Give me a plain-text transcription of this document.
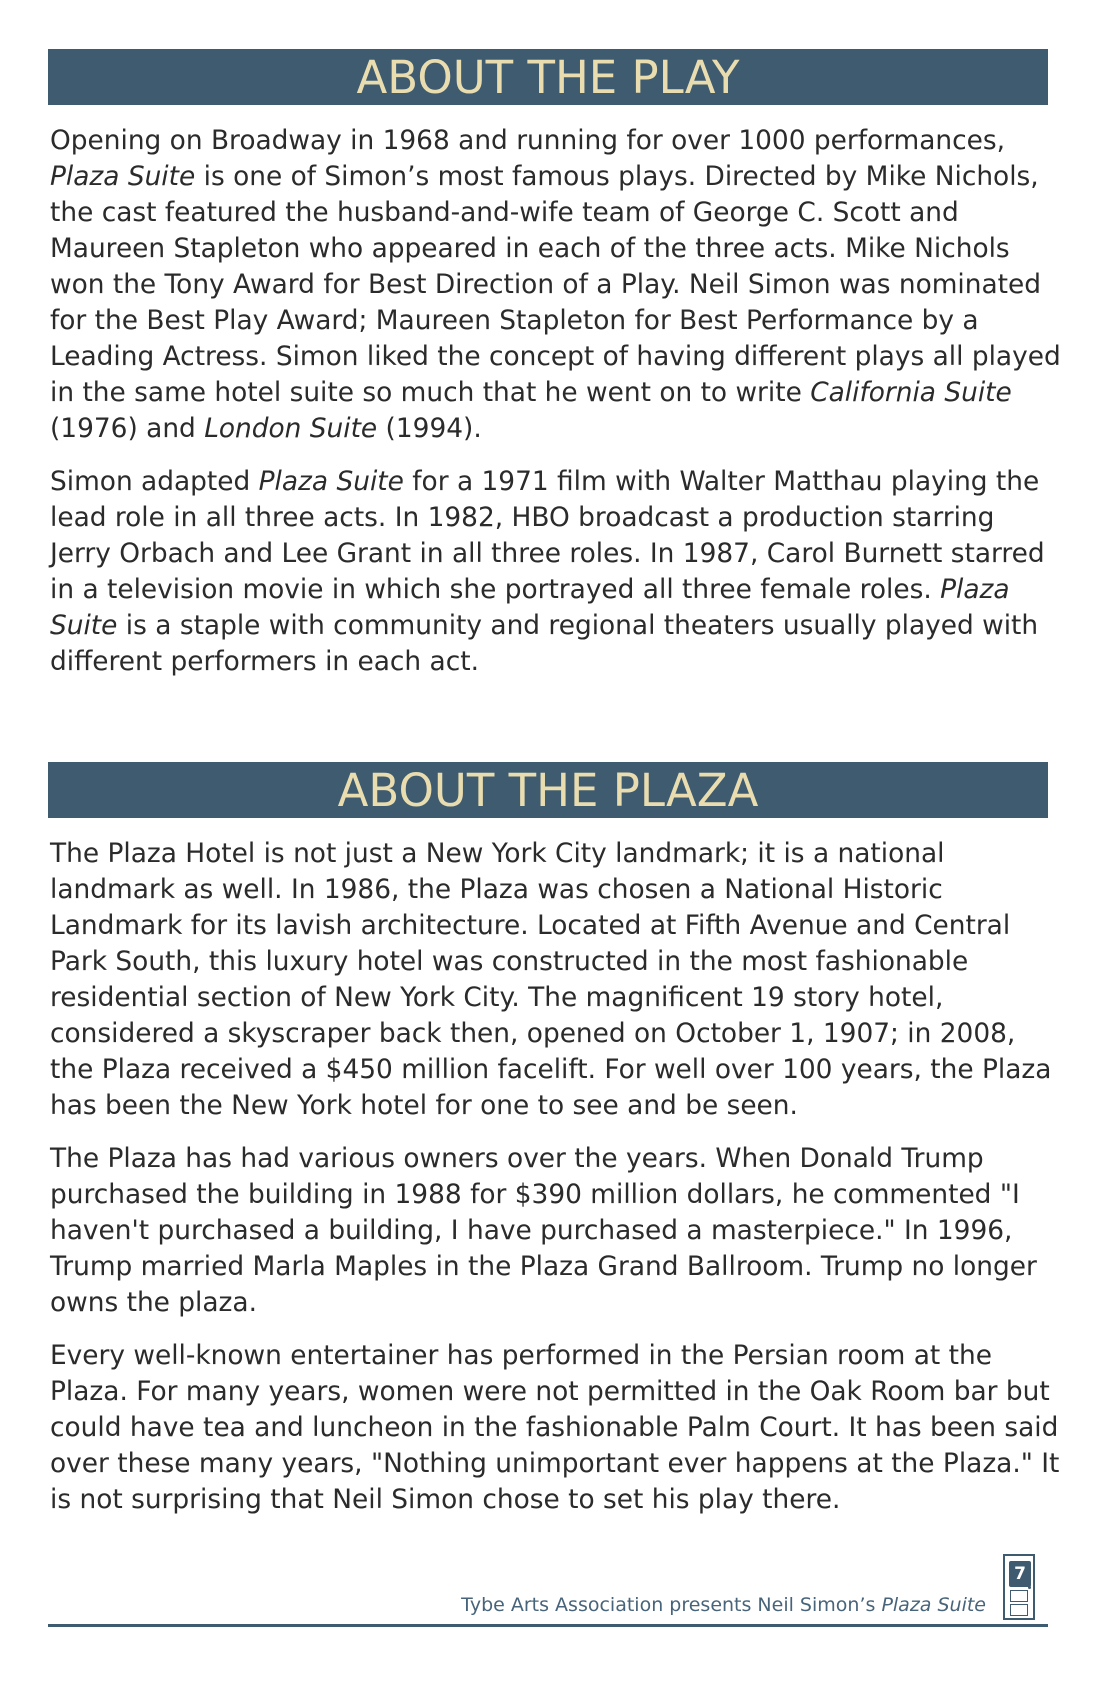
ABOUT THE PLAY

Opening on Broadway in 1968 and running for over 1000 performances, Plaza Suite is one of Simon’s most famous plays. Directed by Mike Nichols, the cast featured the husband-and-wife team of George C. Scott and Maureen Stapleton who appeared in each of the three acts. Mike Nichols won the Tony Award for Best Direction of a Play. Neil Simon was nominated for the Best Play Award; Maureen Stapleton for Best Performance by a Leading Actress. Simon liked the concept of having different plays all played in the same hotel suite so much that he went on to write California Suite (1976) and London Suite (1994).

Simon adapted Plaza Suite for a 1971 film with Walter Matthau playing the lead role in all three acts. In 1982, HBO broadcast a production starring Jerry Orbach and Lee Grant in all three roles. In 1987, Carol Burnett starred in a television movie in which she portrayed all three female roles. Plaza Suite is a staple with community and regional theaters usually played with different performers in each act.

ABOUT THE PLAZA

The Plaza Hotel is not just a New York City landmark; it is a national landmark as well. In 1986, the Plaza was chosen a National Historic Landmark for its lavish architecture. Located at Fifth Avenue and Central Park South, this luxury hotel was constructed in the most fashionable residential section of New York City. The magnificent 19 story hotel, considered a skyscraper back then, opened on October 1, 1907; in 2008, the Plaza received a $450 million facelift. For well over 100 years, the Plaza has been the New York hotel for one to see and be seen.

The Plaza has had various owners over the years. When Donald Trump purchased the building in 1988 for $390 million dollars, he commented "I haven't purchased a building, I have purchased a masterpiece." In 1996, Trump married Marla Maples in the Plaza Grand Ballroom. Trump no longer owns the plaza.

Every well-known entertainer has performed in the Persian room at the Plaza. For many years, women were not permitted in the Oak Room bar but could have tea and luncheon in the fashionable Palm Court. It has been said over these many years, "Nothing unimportant ever happens at the Plaza." It is not surprising that Neil Simon chose to set his play there.

Tybe Arts Association presents Neil Simon’s Plaza Suite
7
